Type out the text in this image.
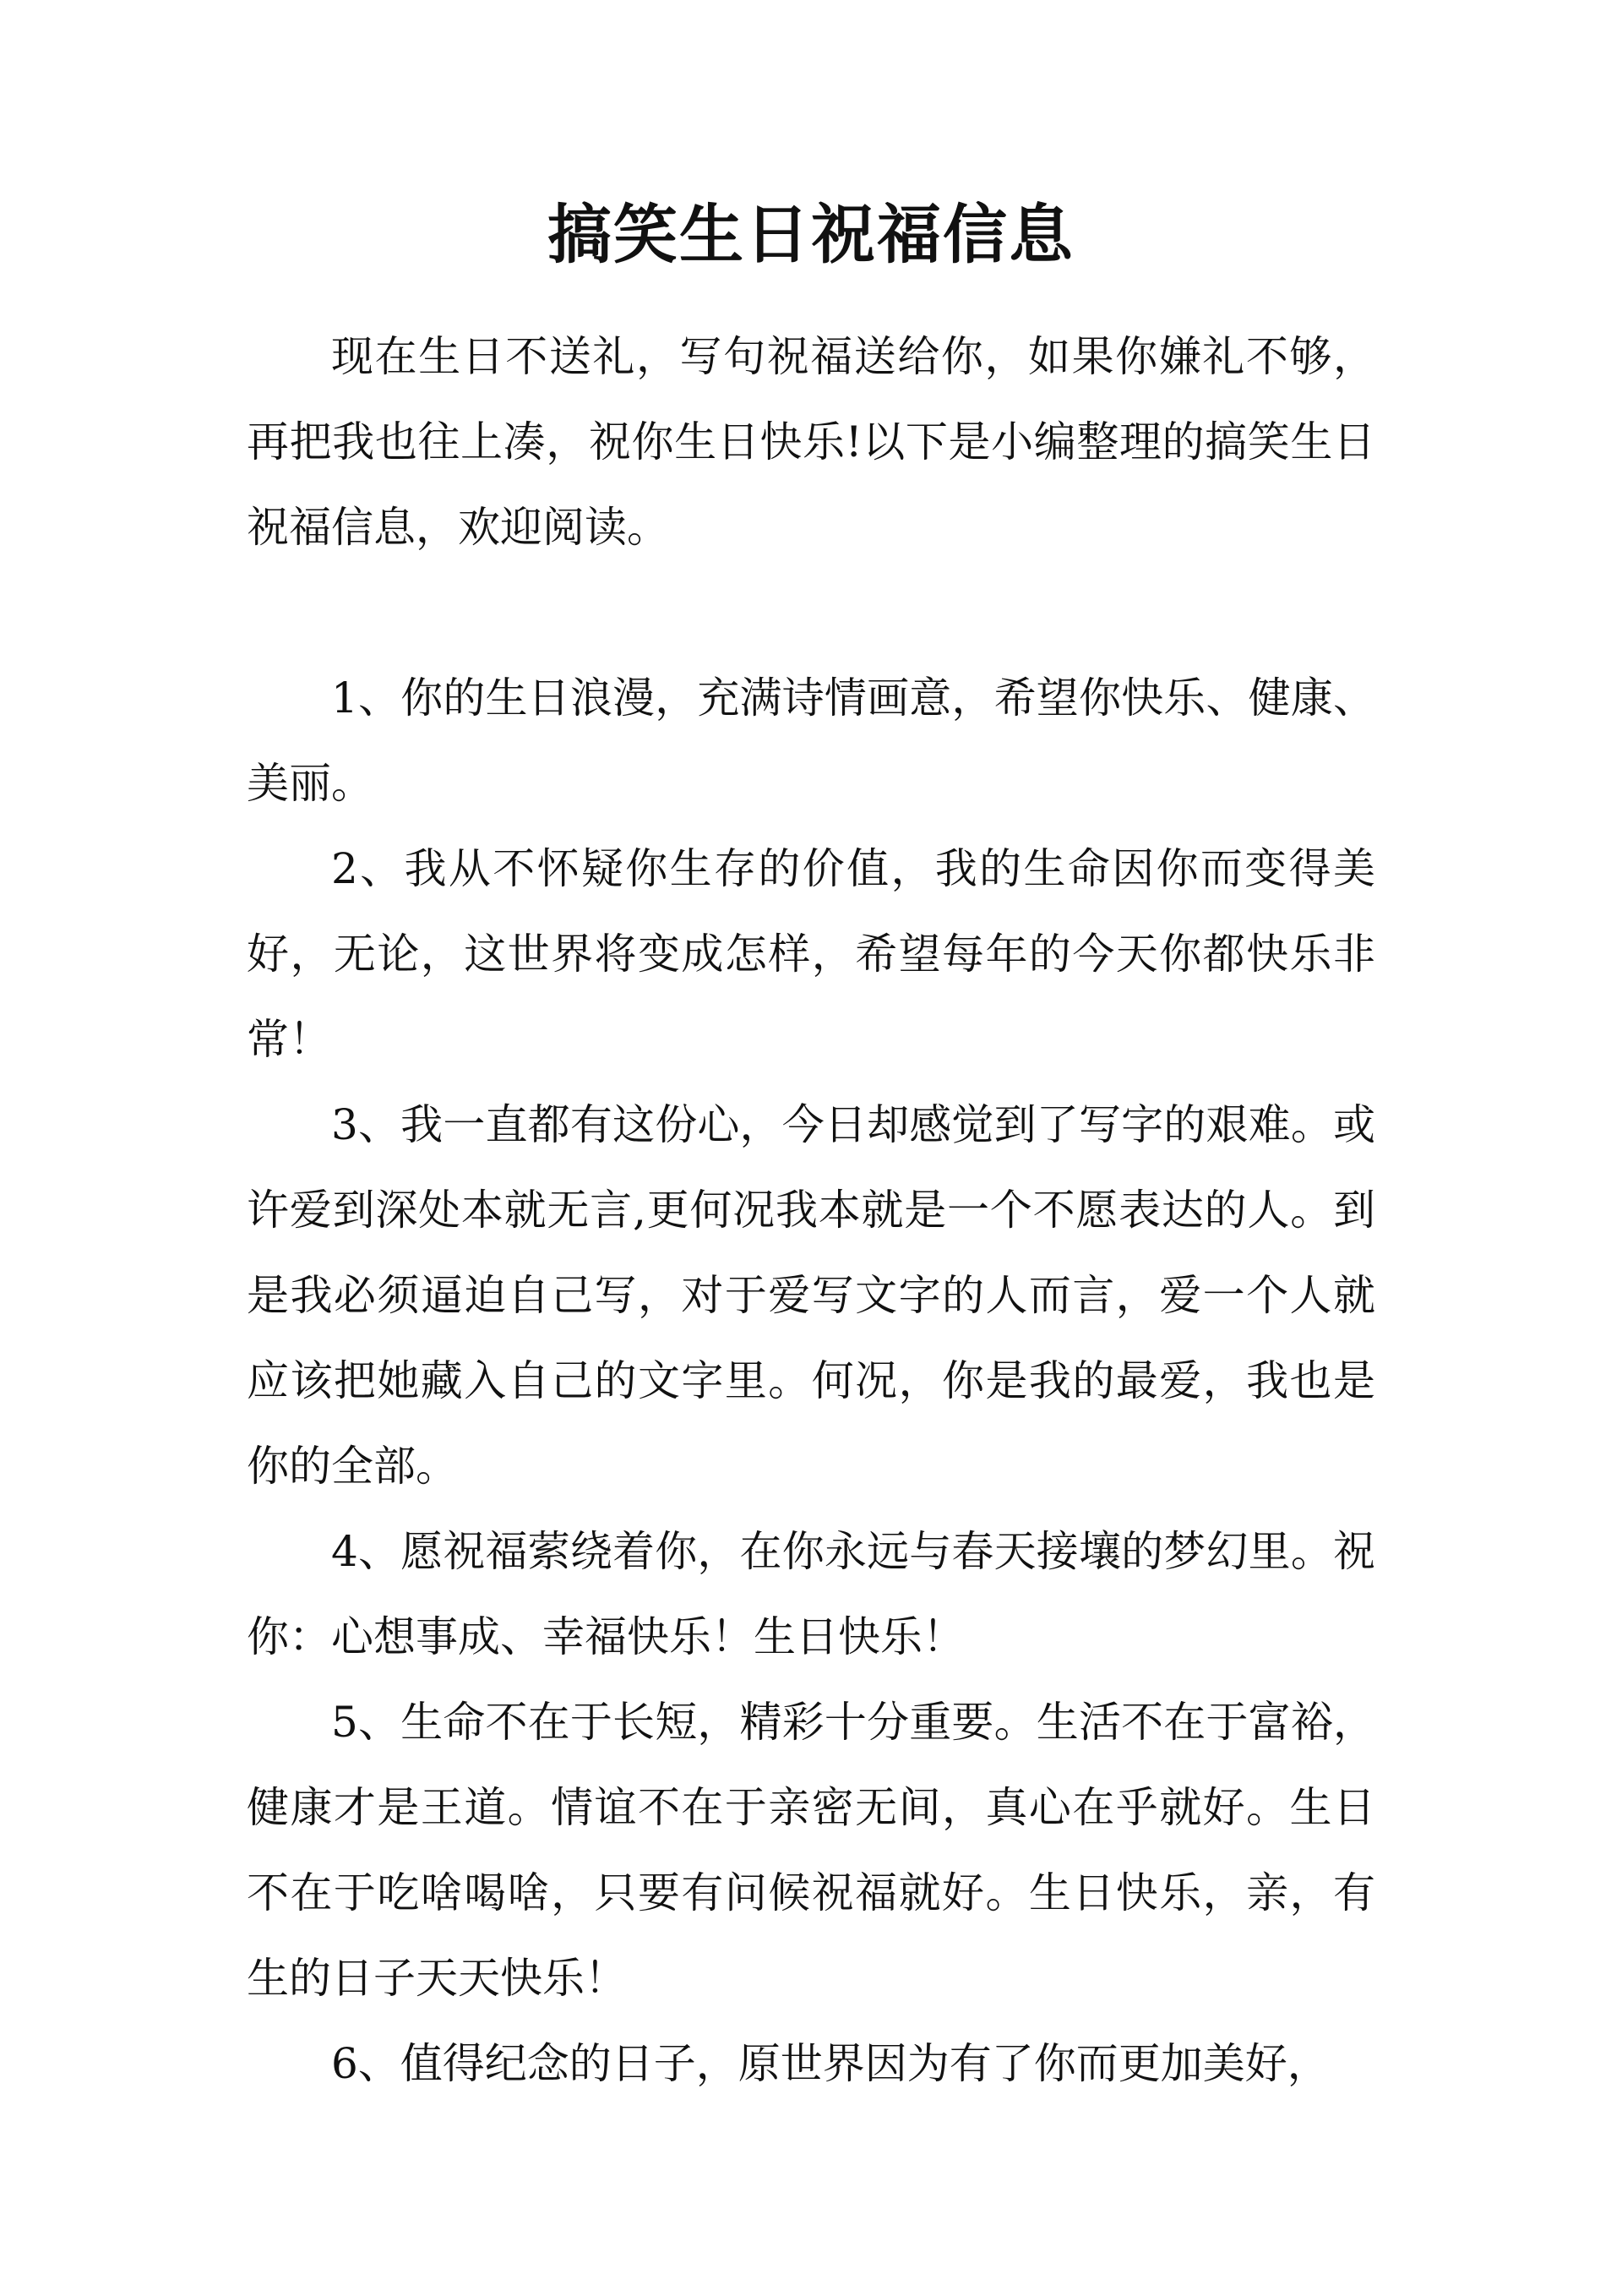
搞笑生日祝福信息

现在生日不送礼，写句祝福送给你，如果你嫌礼不够，再把我也往上凑，祝你生日快乐!以下是小编整理的搞笑生日祝福信息，欢迎阅读。

1、你的生日浪漫，充满诗情画意，希望你快乐、健康、美丽。

2、我从不怀疑你生存的价值，我的生命因你而变得美好，无论，这世界将变成怎样，希望每年的今天你都快乐非常！

3、我一直都有这份心，今日却感觉到了写字的艰难。或许爱到深处本就无言,更何况我本就是一个不愿表达的人。到是我必须逼迫自己写，对于爱写文字的人而言，爱一个人就应该把她藏入自己的文字里。何况，你是我的最爱，我也是你的全部。

4、愿祝福萦绕着你，在你永远与春天接壤的梦幻里。祝你：心想事成、幸福快乐！生日快乐！

5、生命不在于长短，精彩十分重要。生活不在于富裕，健康才是王道。情谊不在于亲密无间，真心在乎就好。生日不在于吃啥喝啥，只要有问候祝福就好。生日快乐，亲，有生的日子天天快乐！

6、值得纪念的日子，原世界因为有了你而更加美好，
